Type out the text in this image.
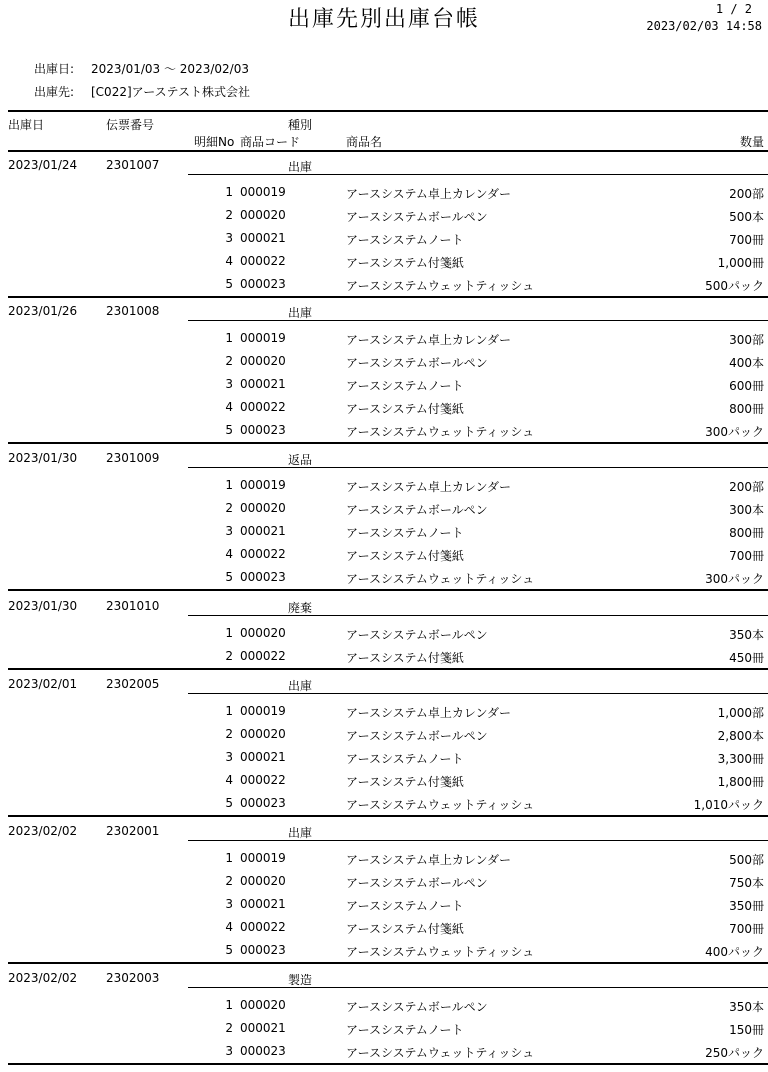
出庫先別出庫台帳	1 / 2
2023/02/03 14:58
出庫日: 2023/01/03 ～ 2023/02/03
出庫先: [C022]アーステスト株式会社
出庫日	伝票番号	種別
明細No 商品コード	商品名	数量
2023/01/24 2301007	出庫
1 000019	アースシステム卓上カレンダー	200部
2 000020	アースシステムボールペン	500本
3 000021	アースシステムノート	700冊
4 000022	アースシステム付箋紙	1,000冊
5 000023	アースシステムウェットティッシュ	500パック
2023/01/26 2301008	出庫
1 000019	アースシステム卓上カレンダー	300部
2 000020	アースシステムボールペン	400本
3 000021	アースシステムノート	600冊
4 000022	アースシステム付箋紙	800冊
5 000023	アースシステムウェットティッシュ	300パック
2023/01/30 2301009	返品
1 000019	アースシステム卓上カレンダー	200部
2 000020	アースシステムボールペン	300本
3 000021	アースシステムノート	800冊
4 000022	アースシステム付箋紙	700冊
5 000023	アースシステムウェットティッシュ	300パック
2023/01/30 2301010	廃棄
1 000020	アースシステムボールペン	350本
2 000022	アースシステム付箋紙	450冊
2023/02/01 2302005	出庫
1 000019	アースシステム卓上カレンダー	1,000部
2 000020	アースシステムボールペン	2,800本
3 000021	アースシステムノート	3,300冊
4 000022	アースシステム付箋紙	1,800冊
5 000023	アースシステムウェットティッシュ	1,010パック
2023/02/02 2302001	出庫
1 000019	アースシステム卓上カレンダー	500部
2 000020	アースシステムボールペン	750本
3 000021	アースシステムノート	350冊
4 000022	アースシステム付箋紙	700冊
5 000023	アースシステムウェットティッシュ	400パック
2023/02/02 2302003	製造
1 000020	アースシステムボールペン	350本
2 000021	アースシステムノート	150冊
3 000023	アースシステムウェットティッシュ	250パック
